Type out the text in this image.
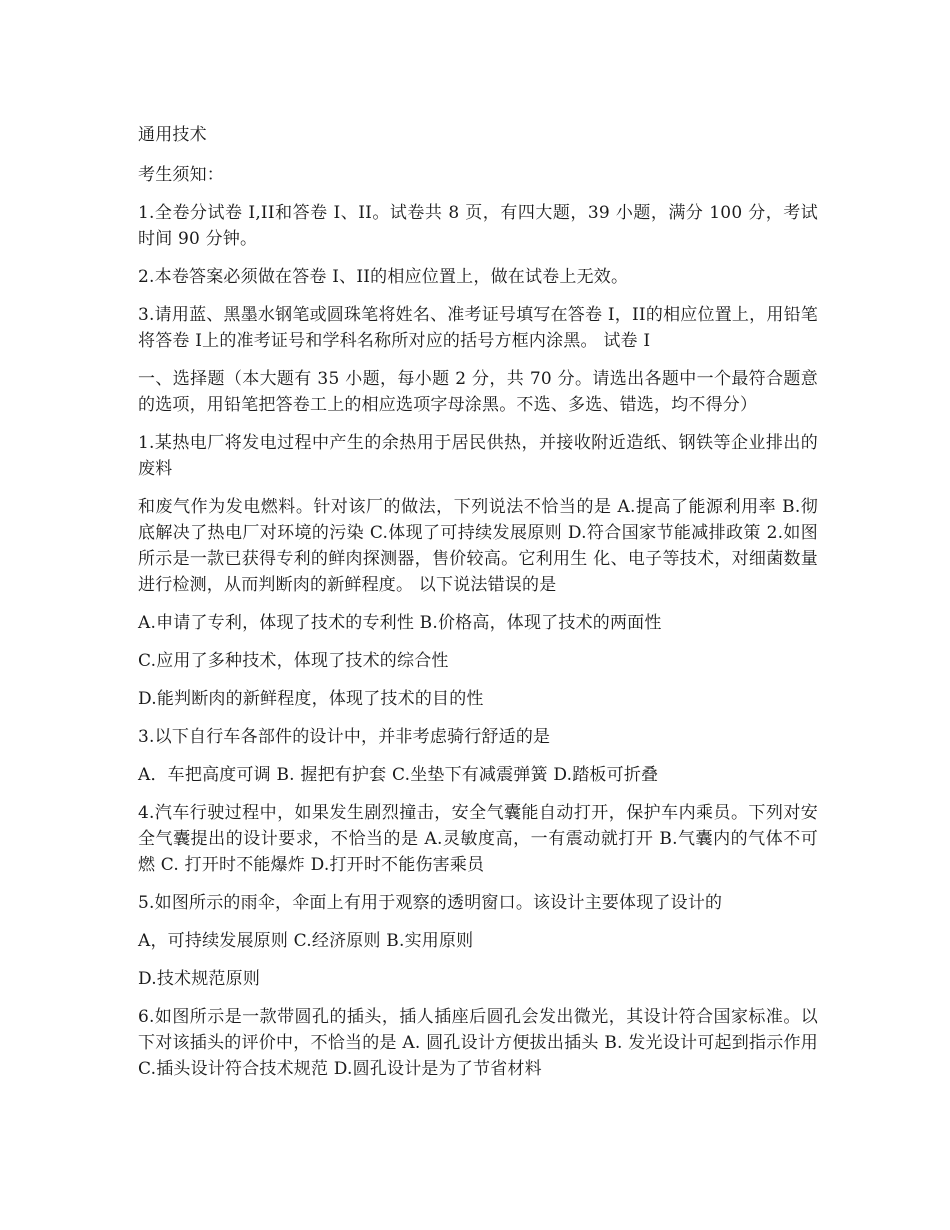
通用技术

考生须知：

1.全卷分试卷 I,II和答卷 I、II。试卷共 8 页，有四大题，39 小题，满分 100 分，考试时间 90 分钟。

2.本卷答案必须做在答卷 I、II的相应位置上，做在试卷上无效。

3.请用蓝、黑墨水钢笔或圆珠笔将姓名、准考证号填写在答卷 I，II的相应位置上，用铅笔将答卷 I上的准考证号和学科名称所对应的括号方框内涂黑。 试卷 I

一、选择题（本大题有 35 小题，每小题 2 分，共 70 分。请选出各题中一个最符合题意的选项，用铅笔把答卷工上的相应选项字母涂黑。不选、多选、错选，均不得分）

1.某热电厂将发电过程中产生的余热用于居民供热，并接收附近造纸、钢铁等企业排出的废料

和废气作为发电燃料。针对该厂的做法，下列说法不恰当的是 A.提高了能源利用率 B.彻底解决了热电厂对环境的污染 C.体现了可持续发展原则 D.符合国家节能减排政策 2.如图所示是一款已获得专利的鲜肉探测器，售价较高。它利用生 化、电子等技术，对细菌数量进行检测，从而判断肉的新鲜程度。 以下说法错误的是

A.申请了专利，体现了技术的专利性 B.价格高，体现了技术的两面性

C.应用了多种技术，体现了技术的综合性

D.能判断肉的新鲜程度，体现了技术的目的性

3.以下自行车各部件的设计中，并非考虑骑行舒适的是

A．车把高度可调 B. 握把有护套 C.坐垫下有减震弹簧 D.踏板可折叠

4.汽车行驶过程中，如果发生剧烈撞击，安全气囊能自动打开，保护车内乘员。下列对安全气囊提出的设计要求，不恰当的是 A.灵敏度高，一有震动就打开 B.气囊内的气体不可燃 C. 打开时不能爆炸 D.打开时不能伤害乘员

5.如图所示的雨伞，伞面上有用于观察的透明窗口。该设计主要体现了设计的

A，可持续发展原则 C.经济原则 B.实用原则

D.技术规范原则

6.如图所示是一款带圆孔的插头，插人插座后圆孔会发出微光，其设计符合国家标准。以下对该插头的评价中，不恰当的是 A. 圆孔设计方便拔出插头 B. 发光设计可起到指示作用 C.插头设计符合技术规范 D.圆孔设计是为了节省材料
